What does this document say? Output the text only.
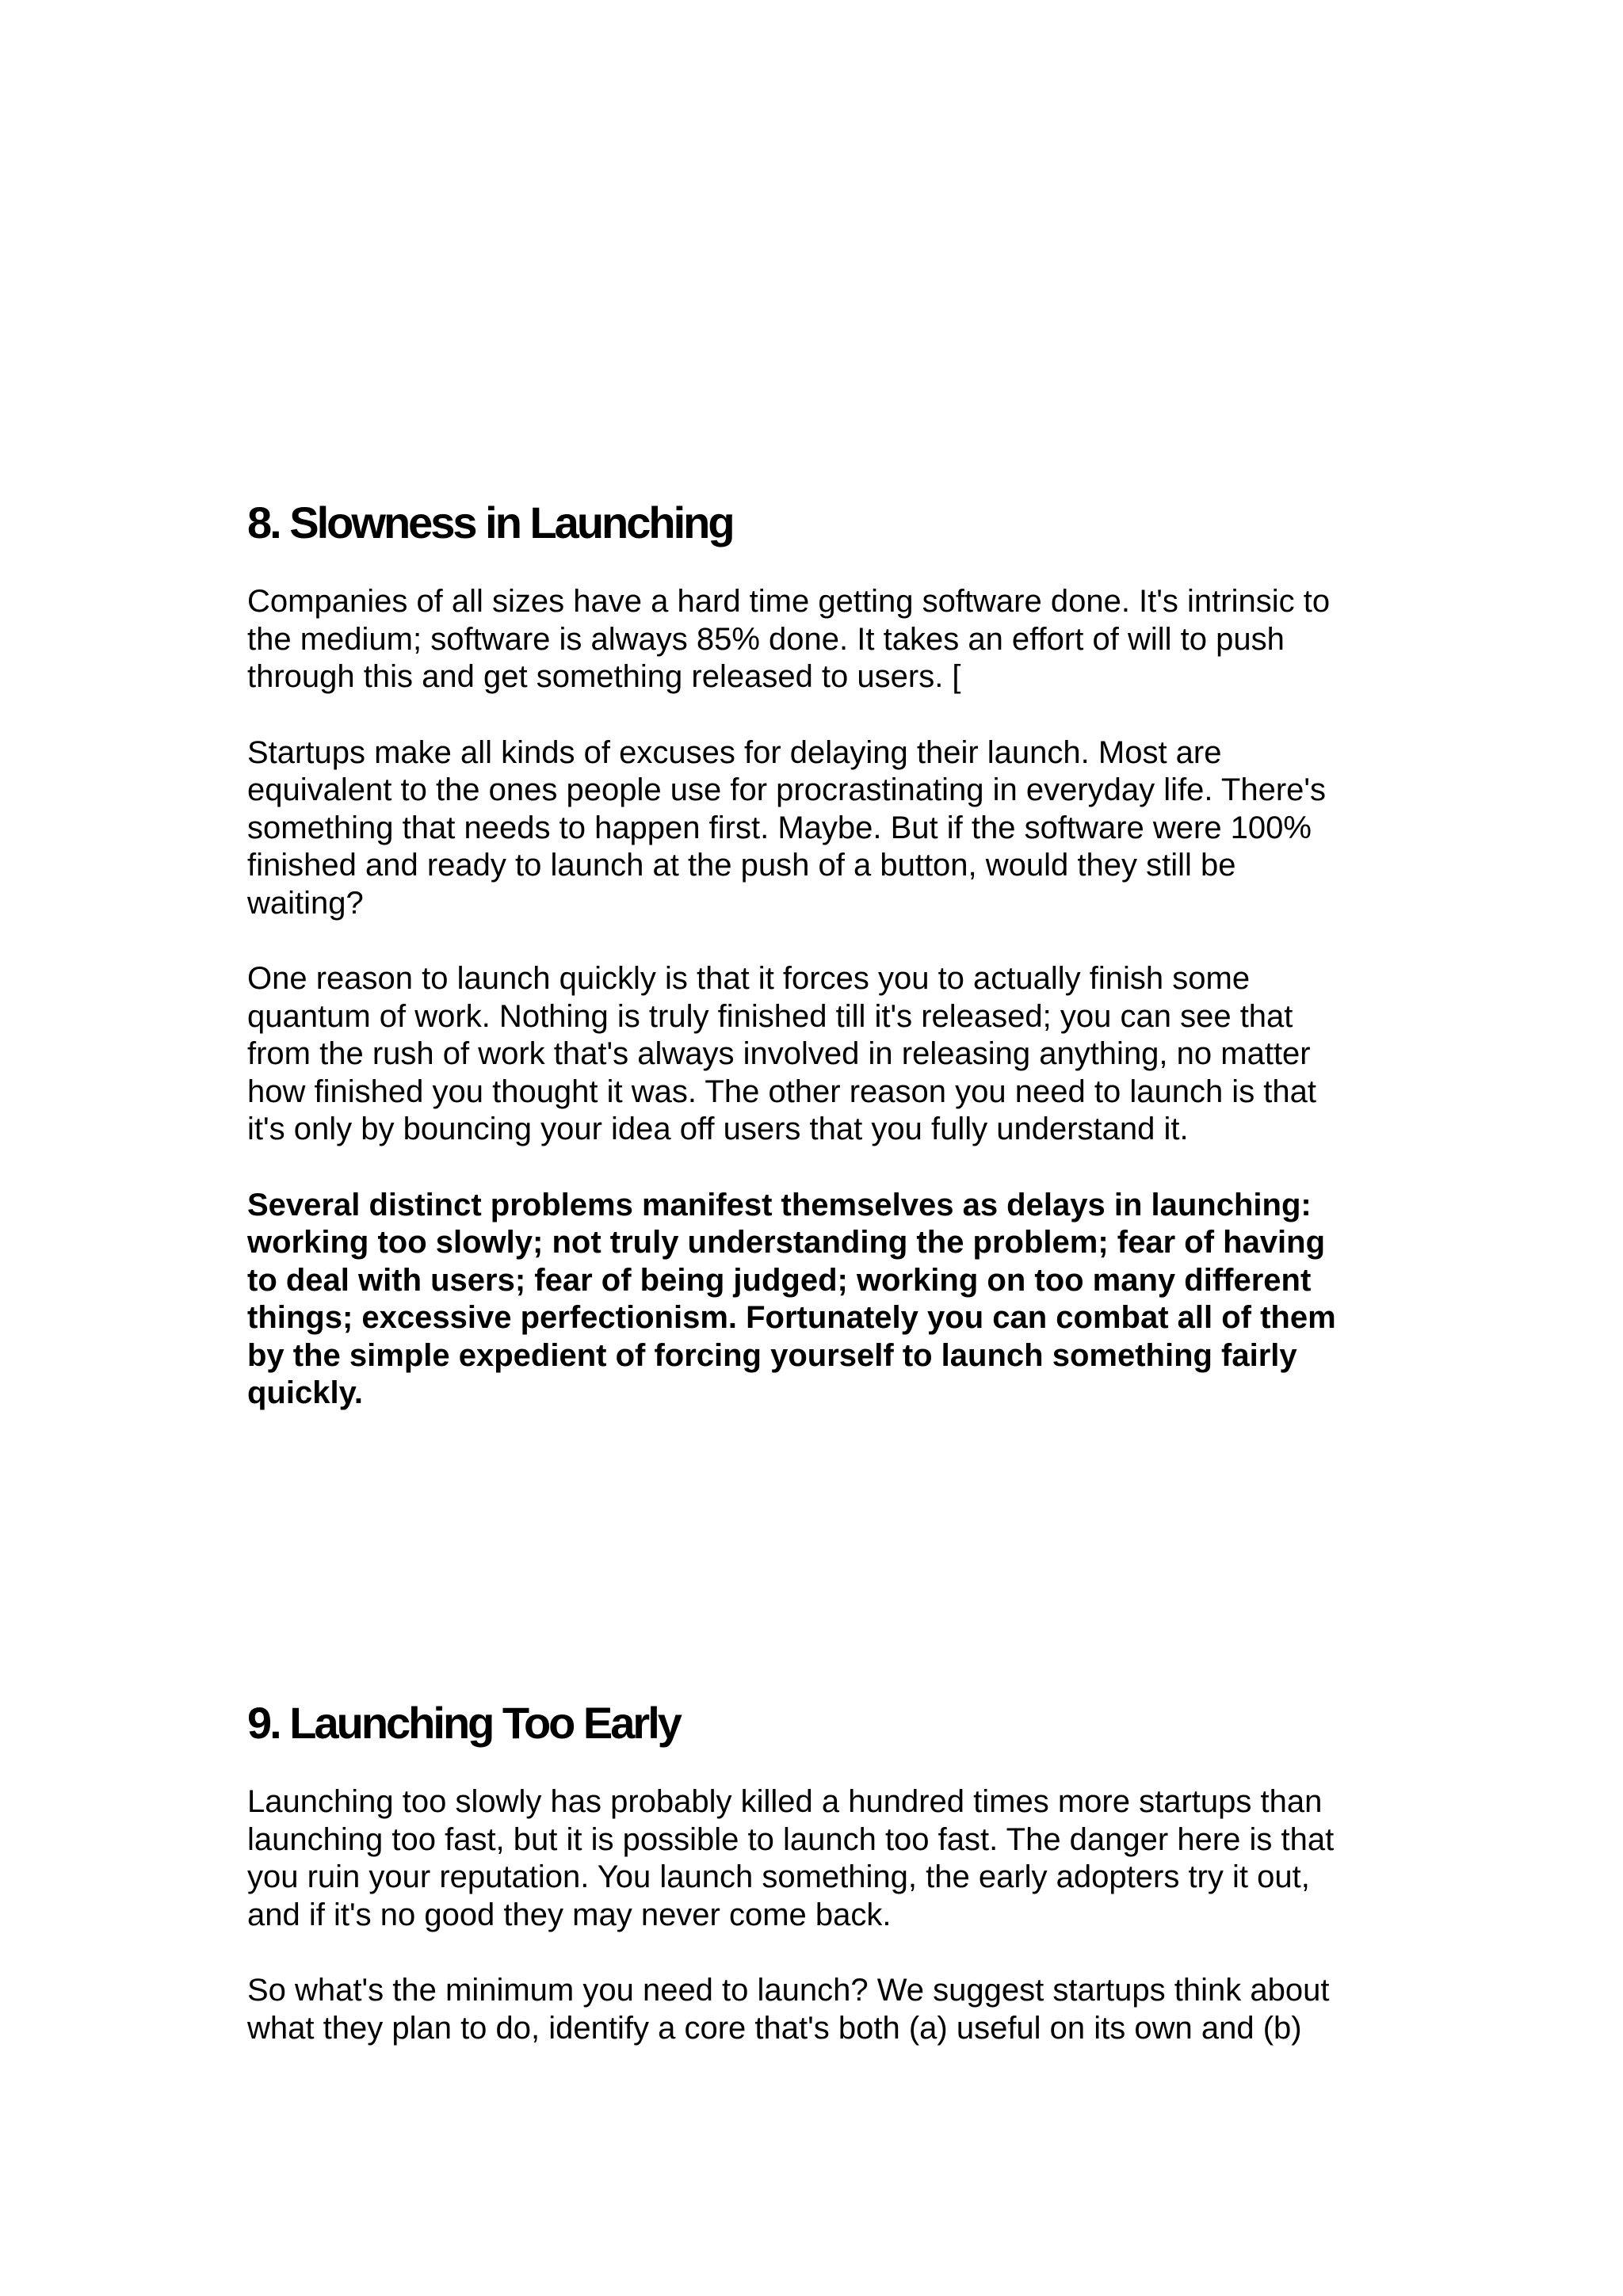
8. Slowness in Launching

Companies of all sizes have a hard time getting software done. It's intrinsic to
the medium; software is always 85% done. It takes an effort of will to push
through this and get something released to users. [

Startups make all kinds of excuses for delaying their launch. Most are
equivalent to the ones people use for procrastinating in everyday life. There's
something that needs to happen first. Maybe. But if the software were 100%
finished and ready to launch at the push of a button, would they still be
waiting?

One reason to launch quickly is that it forces you to actually finish some
quantum of work. Nothing is truly finished till it's released; you can see that
from the rush of work that's always involved in releasing anything, no matter
how finished you thought it was. The other reason you need to launch is that
it's only by bouncing your idea off users that you fully understand it.

Several distinct problems manifest themselves as delays in launching:
working too slowly; not truly understanding the problem; fear of having
to deal with users; fear of being judged; working on too many different
things; excessive perfectionism. Fortunately you can combat all of them
by the simple expedient of forcing yourself to launch something fairly
quickly.

9. Launching Too Early

Launching too slowly has probably killed a hundred times more startups than
launching too fast, but it is possible to launch too fast. The danger here is that
you ruin your reputation. You launch something, the early adopters try it out,
and if it's no good they may never come back.

So what's the minimum you need to launch? We suggest startups think about
what they plan to do, identify a core that's both (a) useful on its own and (b)
